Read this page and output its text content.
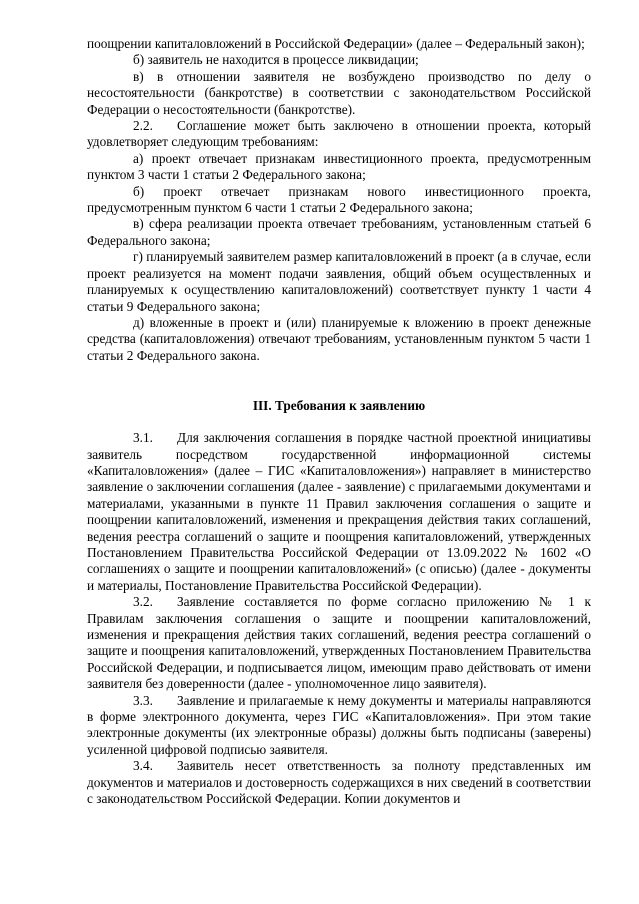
поощрении капиталовложений в Российской Федерации» (далее – Федеральный закон);

б) заявитель не находится в процессе ликвидации;

в) в отношении заявителя не возбуждено производство по делу о несостоятельности (банкротстве) в соответствии с законодательством Российской Федерации о несостоятельности (банкротстве).

2.2. Соглашение может быть заключено в отношении проекта, который удовлетворяет следующим требованиям:

а) проект отвечает признакам инвестиционного проекта, предусмотренным пунктом 3 части 1 статьи 2 Федерального закона;

б) проект отвечает признакам нового инвестиционного проекта, предусмотренным пунктом 6 части 1 статьи 2 Федерального закона;

в) сфера реализации проекта отвечает требованиям, установленным статьей 6 Федерального закона;

г) планируемый заявителем размер капиталовложений в проект (а в случае, если проект реализуется на момент подачи заявления, общий объем осуществленных и планируемых к осуществлению капиталовложений) соответствует пункту 1 части 4 статьи 9 Федерального закона;

д) вложенные в проект и (или) планируемые к вложению в проект денежные средства (капиталовложения) отвечают требованиям, установленным пунктом 5 части 1 статьи 2 Федерального закона.

III. Требования к заявлению

3.1. Для заключения соглашения в порядке частной проектной инициативы заявитель посредством государственной информационной системы «Капиталовложения» (далее – ГИС «Капиталовложения») направляет в министерство заявление о заключении соглашения (далее - заявление) с прилагаемыми документами и материалами, указанными в пункте 11 Правил заключения соглашения о защите и поощрении капиталовложений, изменения и прекращения действия таких соглашений, ведения реестра соглашений о защите и поощрения капиталовложений, утвержденных Постановлением Правительства Российской Федерации от 13.09.2022 № 1602 «О соглашениях о защите и поощрении капиталовложений» (с описью) (далее - документы и материалы, Постановление Правительства Российской Федерации).

3.2. Заявление составляется по форме согласно приложению № 1 к Правилам заключения соглашения о защите и поощрении капиталовложений, изменения и прекращения действия таких соглашений, ведения реестра соглашений о защите и поощрения капиталовложений, утвержденных Постановлением Правительства Российской Федерации, и подписывается лицом, имеющим право действовать от имени заявителя без доверенности (далее - уполномоченное лицо заявителя).

3.3. Заявление и прилагаемые к нему документы и материалы направляются в форме электронного документа, через ГИС «Капиталовложения». При этом такие электронные документы (их электронные образы) должны быть подписаны (заверены) усиленной цифровой подписью заявителя.

3.4. Заявитель несет ответственность за полноту представленных им документов и материалов и достоверность содержащихся в них сведений в соответствии с законодательством Российской Федерации. Копии документов и
